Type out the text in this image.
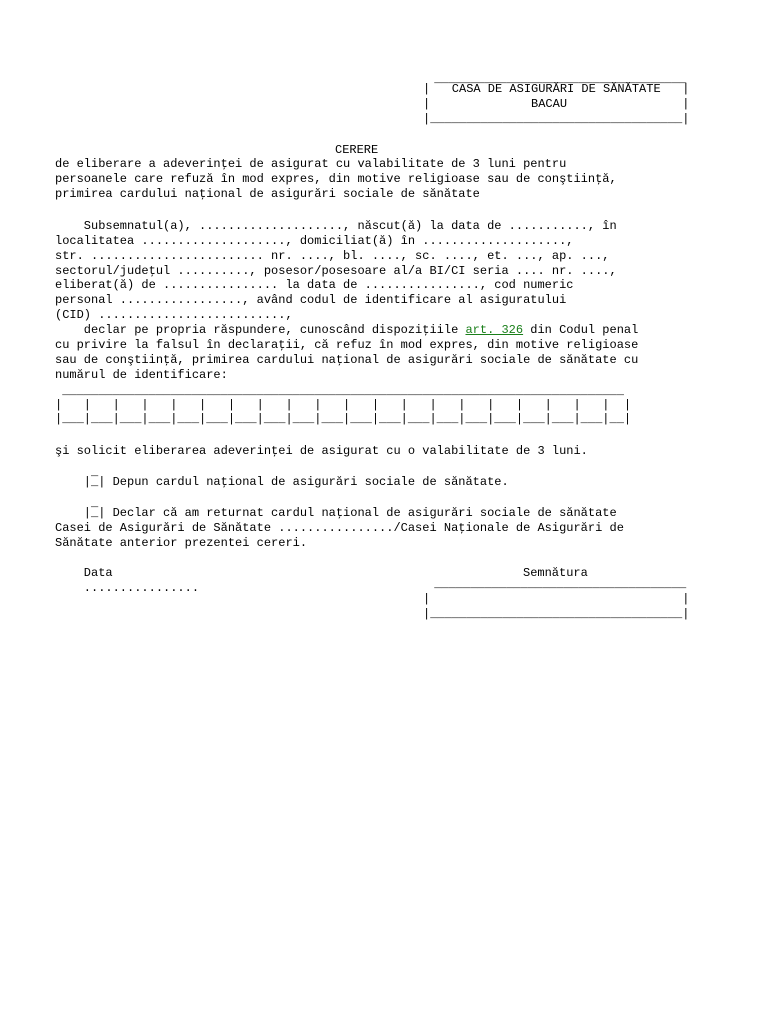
___________________________________
|   CASA DE ASIGURĂRI DE SĂNĂTATE   |
|              BACAU                |
|___________________________________|
CERERE
de eliberare a adeverinţei de asigurat cu valabilitate de 3 luni pentru
persoanele care refuză în mod expres, din motive religioase sau de conştiinţă,
primirea cardului naţional de asigurări sociale de sănătate
Subsemnatul(a), ...................., născut(ă) la data de ..........., în
localitatea ...................., domiciliat(ă) în ....................,
str. ........................ nr. ...., bl. ...., sc. ...., et. ..., ap. ...,
sectorul/judeţul .........., posesor/posesoare al/a BI/CI seria .... nr. ....,
eliberat(ă) de ................ la data de ................, cod numeric
personal ................., având codul de identificare al asiguratului
(CID) ..........................,
declar pe propria răspundere, cunoscând dispoziţiile art. 326 din Codul penal
cu privire la falsul în declaraţii, că refuz în mod expres, din motive religioase
sau de conştiinţă, primirea cardului naţional de asigurări sociale de sănătate cu
numărul de identificare:
______________________________________________________________________________
|   |   |   |   |   |   |   |   |   |   |   |   |   |   |   |   |   |   |   |  |
|___|___|___|___|___|___|___|___|___|___|___|___|___|___|___|___|___|___|___|__|
şi solicit eliberarea adeverinţei de asigurat cu o valabilitate de 3 luni.
_
|_| Depun cardul naţional de asigurări sociale de sănătate.
_
|_| Declar că am returnat cardul naţional de asigurări sociale de sănătate
Casei de Asigurări de Sănătate ................/Casei Naţionale de Asigurări de
Sănătate anterior prezentei cereri.
Data	Semnătura
................	___________________________________
|                                   |
|___________________________________|
